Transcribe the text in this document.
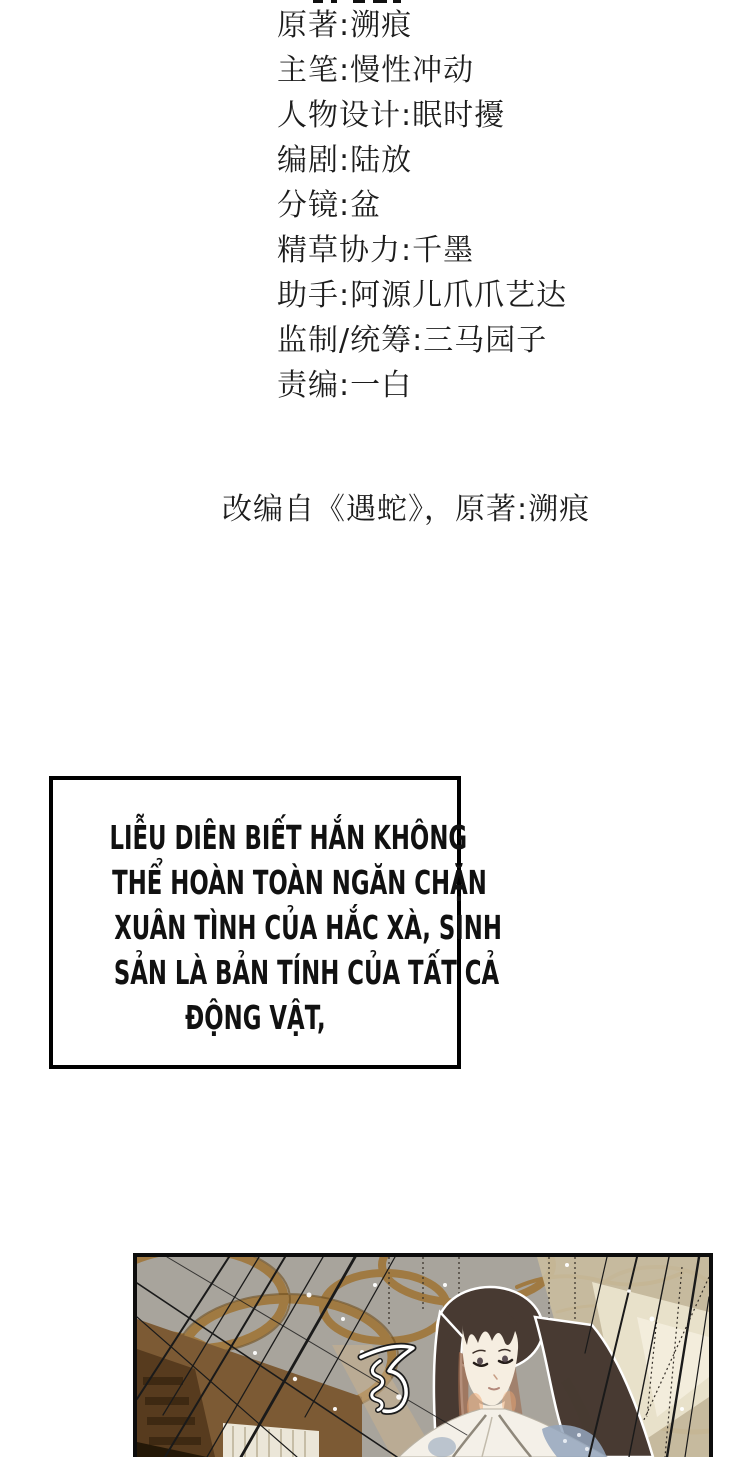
原著:溯痕
主笔:慢性冲动
人物设计:眠时擾
编剧:陆放
分镜:盆
精草协力:千墨
助手:阿源儿爪爪艺达
监制/统筹:三马园子
责编:一白
改编自《遇蛇》，原著:溯痕
LIỄU DIÊN BIẾT HẮN KHÔNG
THỂ HOÀN TOÀN NGĂN CHẶN
XUÂN TÌNH CỦA HẮC XÀ, SINH
SẢN LÀ BẢN TÍNH CỦA TẤT CẢ
ĐỘNG VẬT,
